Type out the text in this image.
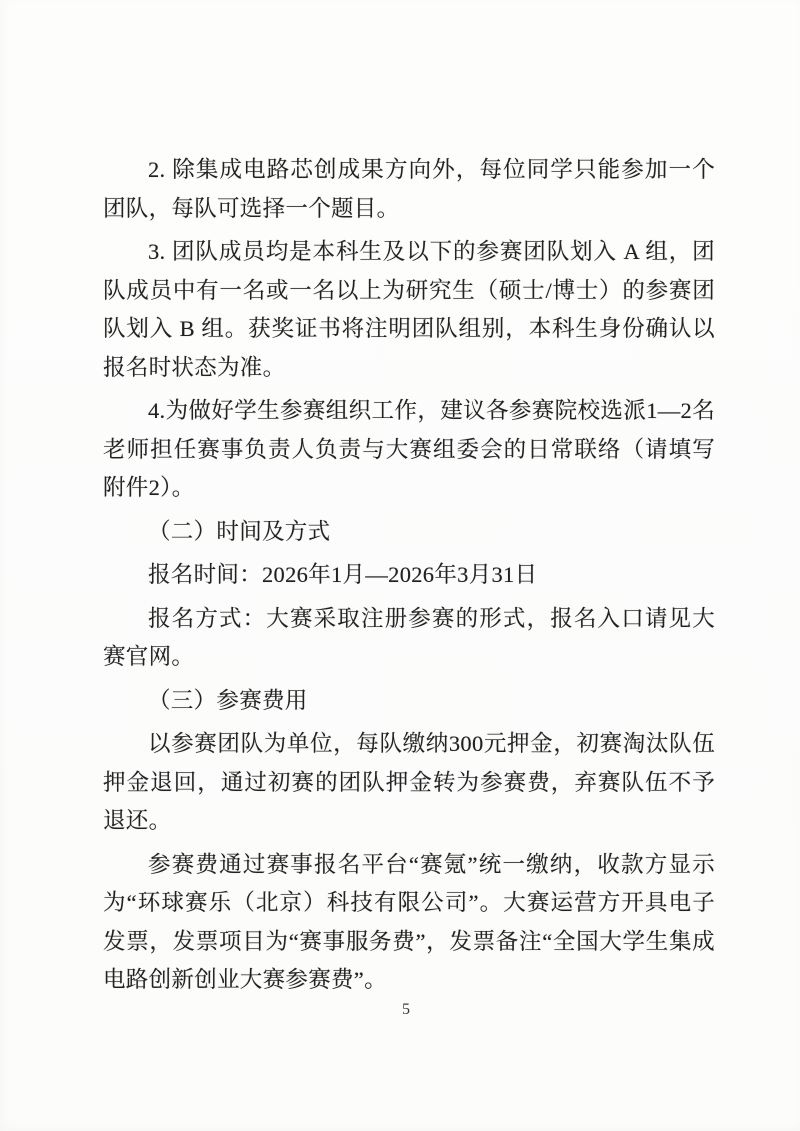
2. 除集成电路芯创成果方向外，每位同学只能参加一个团队，每队可选择一个题目。

3. 团队成员均是本科生及以下的参赛团队划入 A 组，团队成员中有一名或一名以上为研究生（硕士/博士）的参赛团队划入 B 组。获奖证书将注明团队组别，本科生身份确认以报名时状态为准。

4.为做好学生参赛组织工作，建议各参赛院校选派1—2名老师担任赛事负责人负责与大赛组委会的日常联络（请填写附件2）。

（二）时间及方式

报名时间：2026年1月—2026年3月31日

报名方式：大赛采取注册参赛的形式，报名入口请见大赛官网。

（三）参赛费用

以参赛团队为单位，每队缴纳300元押金，初赛淘汰队伍押金退回，通过初赛的团队押金转为参赛费，弃赛队伍不予退还。

参赛费通过赛事报名平台“赛氪”统一缴纳，收款方显示为“环球赛乐（北京）科技有限公司”。大赛运营方开具电子发票，发票项目为“赛事服务费”，发票备注“全国大学生集成电路创新创业大赛参赛费”。

5
